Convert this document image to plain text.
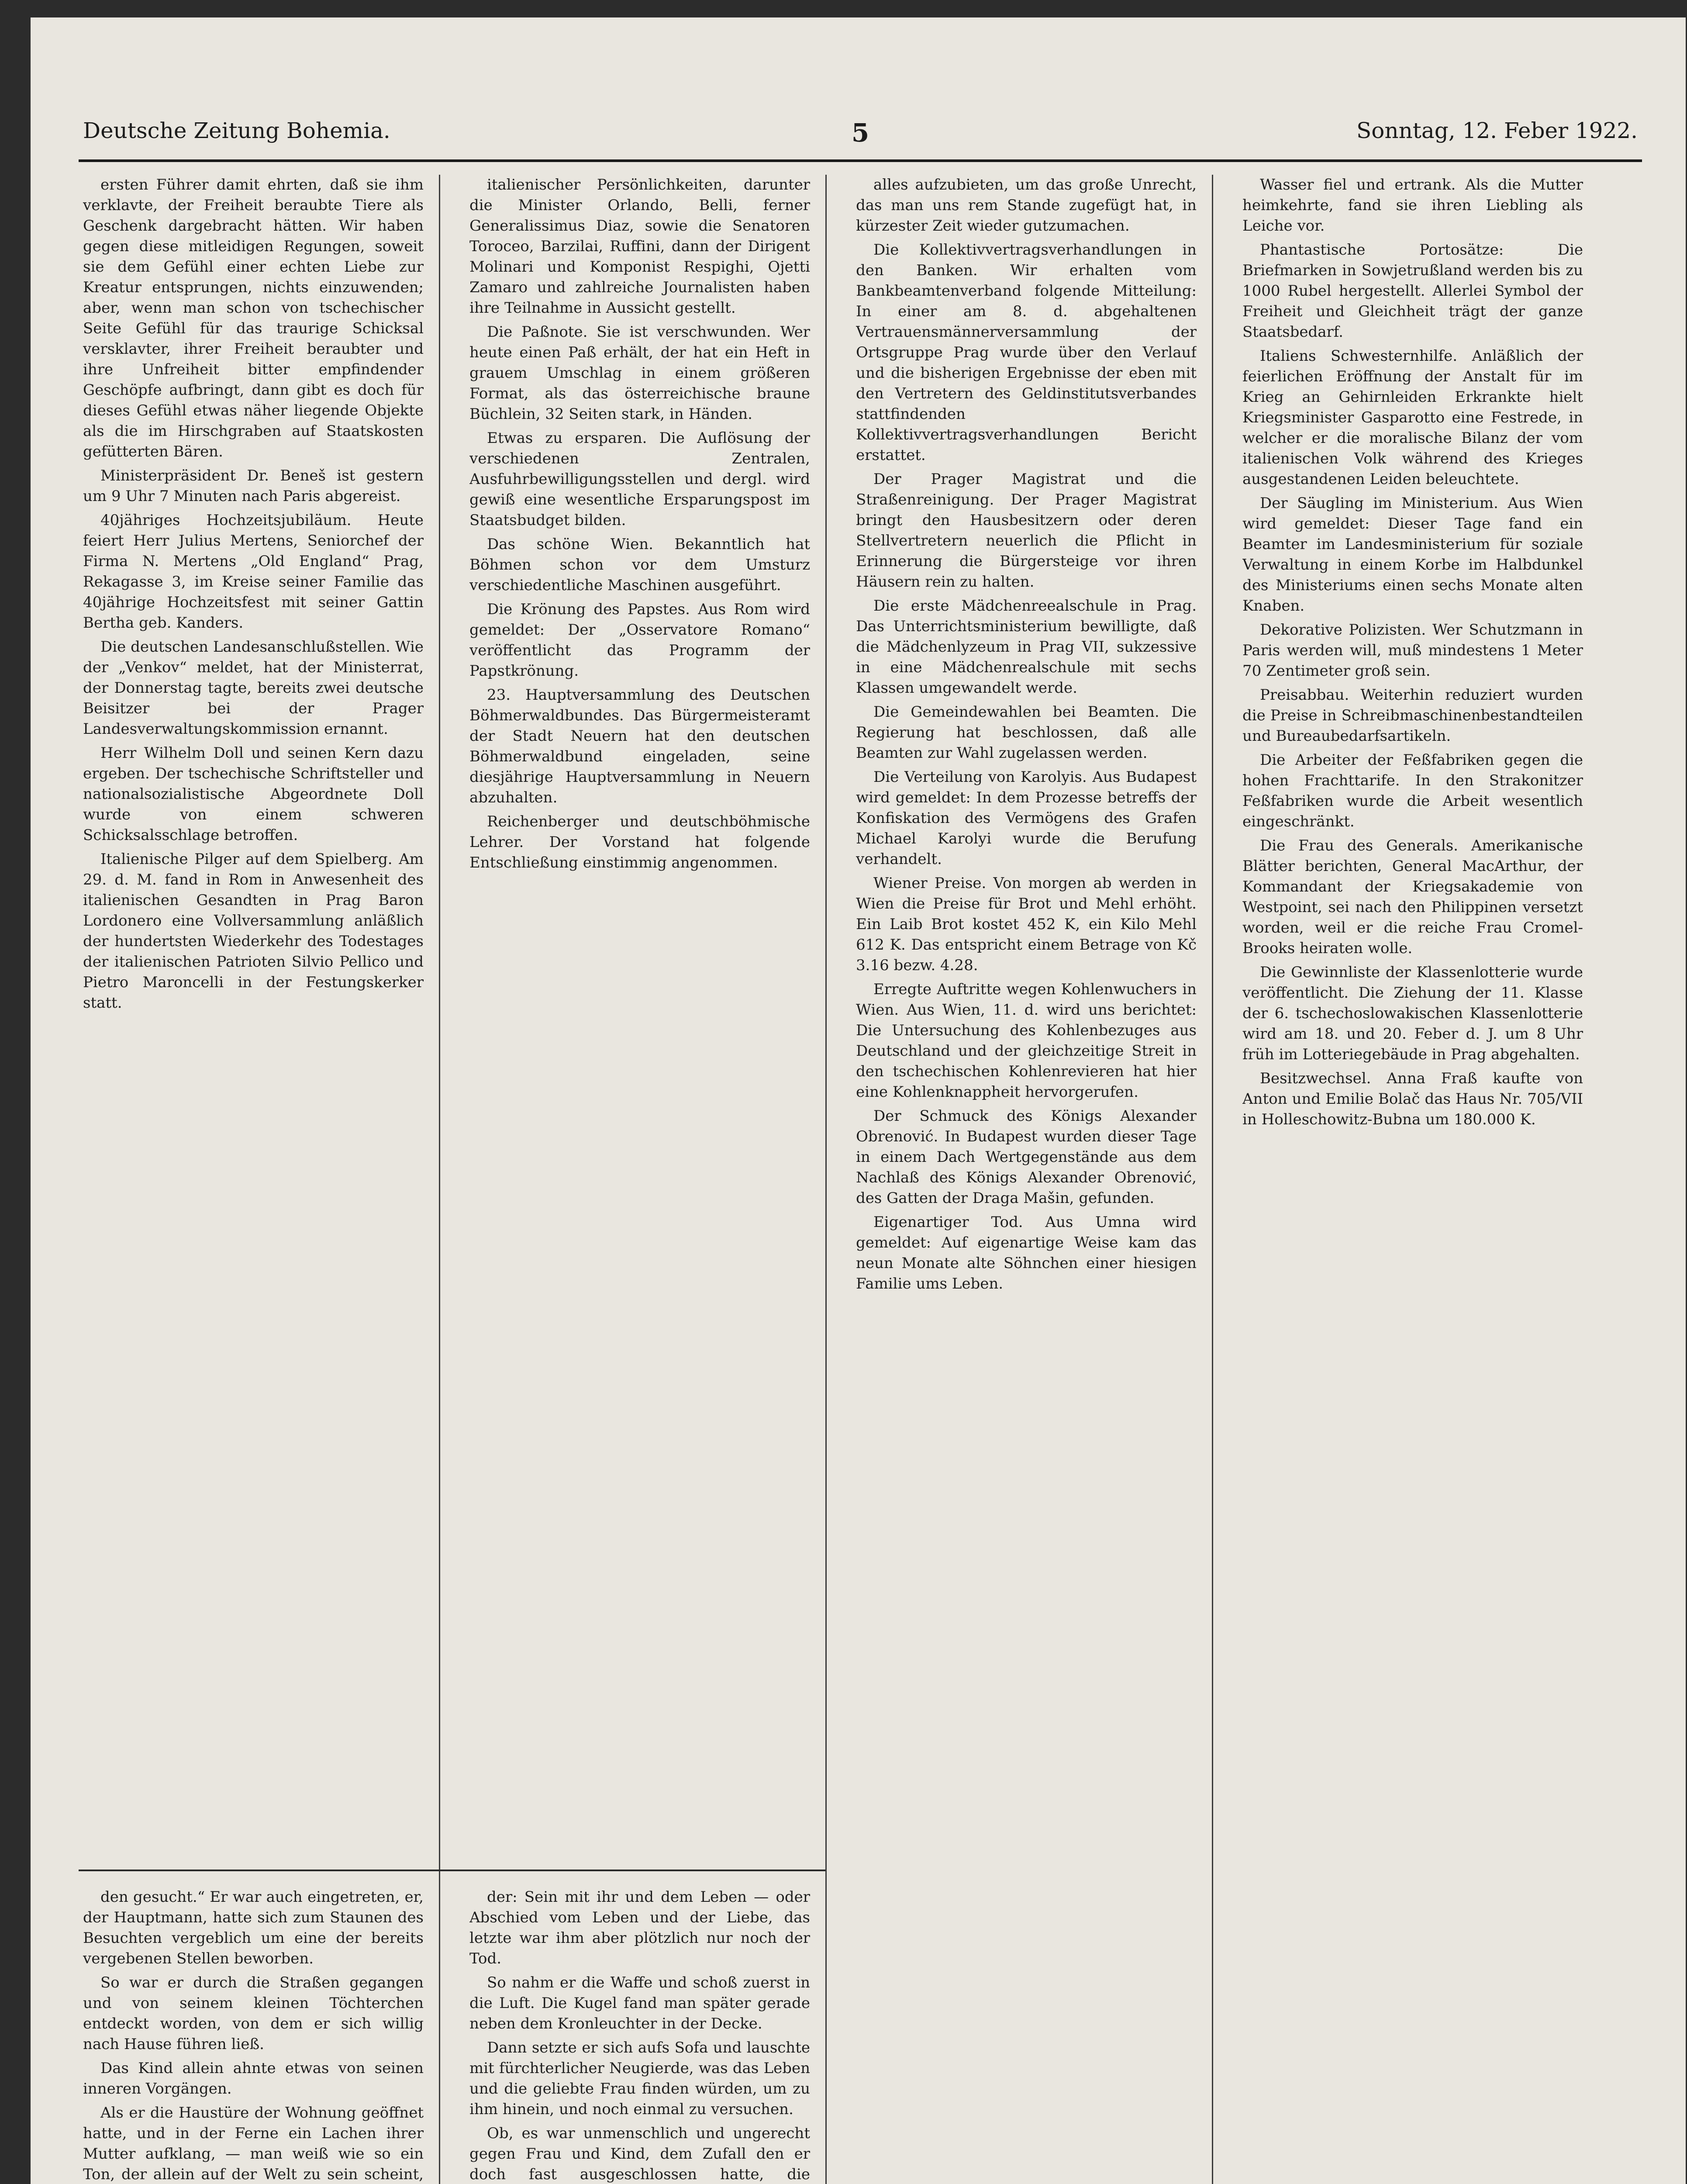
Deutsche Zeitung Bohemia.	5	Sonntag, 12. Feber 1922.

ersten Führer damit ehrten, daß sie ihm verklavte, der Freiheit beraubte Tiere als Geschenk dargebracht hätten. Wir haben gegen diese mitleidigen Regungen, soweit sie dem Gefühl einer echten Liebe zur Kreatur entsprungen, nichts einzuwenden; aber, wenn man schon von tschechischer Seite Gefühl für das traurige Schicksal versklavter, ihrer Freiheit beraubter und ihre Unfreiheit bitter empfindender Geschöpfe aufbringt, dann gibt es doch für dieses Gefühl etwas näher liegende Objekte als die im Hirschgraben auf Staatskosten gefütterten Bären.

Ministerpräsident Dr. Beneš ist gestern um 9 Uhr 7 Minuten nach Paris abgereist.

40jähriges Hochzeitsjubiläum. Heute feiert Herr Julius Mertens, Seniorchef der Firma N. Mertens „Old England“ Prag, Rekagasse 3, im Kreise seiner Familie das 40jährige Hochzeitsfest mit seiner Gattin Bertha geb. Kanders.

Die deutschen Landesanschlußstellen. Wie der „Venkov“ meldet, hat der Ministerrat, der Donnerstag tagte, bereits zwei deutsche Beisitzer bei der Prager Landesverwaltungskommission ernannt.

Herr Wilhelm Doll und seinen Kern dazu ergeben. Der tschechische Schriftsteller und nationalsozialistische Abgeordnete Doll wurde von einem schweren Schicksalsschlage betroffen.

Italienische Pilger auf dem Spielberg. Am 29. d. M. fand in Rom in Anwesenheit des italienischen Gesandten in Prag Baron Lordonero eine Vollversammlung anläßlich der hundertsten Wiederkehr des Todestages der italienischen Patrioten Silvio Pellico und Pietro Maroncelli in der Festungskerker statt.

italienischer Persönlichkeiten, darunter die Minister Orlando, Belli, ferner Generalissimus Diaz, sowie die Senatoren Toroceo, Barzilai, Ruffini, dann der Dirigent Molinari und Komponist Respighi, Ojetti Zamaro und zahlreiche Journalisten haben ihre Teilnahme in Aussicht gestellt.

Die Paßnote. Sie ist verschwunden. Wer heute einen Paß erhält, der hat ein Heft in grauem Umschlag in einem größeren Format, als das österreichische braune Büchlein, 32 Seiten stark, in Händen.

Etwas zu ersparen. Die Auflösung der verschiedenen Zentralen, Ausfuhrbewilligungsstellen und dergl. wird gewiß eine wesentliche Ersparungspost im Staatsbudget bilden.

Das schöne Wien. Bekanntlich hat Böhmen schon vor dem Umsturz verschiedentliche Maschinen ausgeführt.

Die Krönung des Papstes. Aus Rom wird gemeldet: Der „Osservatore Romano“ veröffentlicht das Programm der Papstkrönung.

23. Hauptversammlung des Deutschen Böhmerwaldbundes. Das Bürgermeisteramt der Stadt Neuern hat den deutschen Böhmerwaldbund eingeladen, seine diesjährige Hauptversammlung in Neuern abzuhalten.

Reichenberger und deutschböhmische Lehrer. Der Vorstand hat folgende Entschließung einstimmig angenommen.

alles aufzubieten, um das große Unrecht, das man uns rem Stande zugefügt hat, in kürzester Zeit wieder gutzumachen.

Die Kollektivvertragsverhandlungen in den Banken. Wir erhalten vom Bankbeamtenverband folgende Mitteilung: In einer am 8. d. abgehaltenen Vertrauensmännerversammlung der Ortsgruppe Prag wurde über den Verlauf und die bisherigen Ergebnisse der eben mit den Vertretern des Geldinstitutsverbandes stattfindenden Kollektivvertragsverhandlungen Bericht erstattet.

Der Prager Magistrat und die Straßenreinigung. Der Prager Magistrat bringt den Hausbesitzern oder deren Stellvertretern neuerlich die Pflicht in Erinnerung die Bürgersteige vor ihren Häusern rein zu halten.

Die erste Mädchenreealschule in Prag. Das Unterrichtsministerium bewilligte, daß die Mädchenlyzeum in Prag VII, sukzessive in eine Mädchenrealschule mit sechs Klassen umgewandelt werde.

Die Gemeindewahlen bei Beamten. Die Regierung hat beschlossen, daß alle Beamten zur Wahl zugelassen werden.

Die Verteilung von Karolyis. Aus Budapest wird gemeldet: In dem Prozesse betreffs der Konfiskation des Vermögens des Grafen Michael Karolyi wurde die Berufung verhandelt.

Wiener Preise. Von morgen ab werden in Wien die Preise für Brot und Mehl erhöht. Ein Laib Brot kostet 452 K, ein Kilo Mehl 612 K. Das entspricht einem Betrage von Kč 3.16 bezw. 4.28.

Erregte Auftritte wegen Kohlenwuchers in Wien. Aus Wien, 11. d. wird uns berichtet: Die Untersuchung des Kohlenbezuges aus Deutschland und der gleichzeitige Streit in den tschechischen Kohlenrevieren hat hier eine Kohlenknappheit hervorgerufen.

Der Schmuck des Königs Alexander Obrenović. In Budapest wurden dieser Tage in einem Dach Wertgegenstände aus dem Nachlaß des Königs Alexander Obrenović, des Gatten der Draga Mašin, gefunden.

Eigenartiger Tod. Aus Umna wird gemeldet: Auf eigenartige Weise kam das neun Monate alte Söhnchen einer hiesigen Familie ums Leben.

Wasser fiel und ertrank. Als die Mutter heimkehrte, fand sie ihren Liebling als Leiche vor.

Phantastische Portosätze: Die Briefmarken in Sowjetrußland werden bis zu 1000 Rubel hergestellt. Allerlei Symbol der Freiheit und Gleichheit trägt der ganze Staatsbedarf.

Italiens Schwesternhilfe. Anläßlich der feierlichen Eröffnung der Anstalt für im Krieg an Gehirnleiden Erkrankte hielt Kriegsminister Gasparotto eine Festrede, in welcher er die moralische Bilanz der vom italienischen Volk während des Krieges ausgestandenen Leiden beleuchtete.

Der Säugling im Ministerium. Aus Wien wird gemeldet: Dieser Tage fand ein Beamter im Landesministerium für soziale Verwaltung in einem Korbe im Halbdunkel des Ministeriums einen sechs Monate alten Knaben.

Dekorative Polizisten. Wer Schutzmann in Paris werden will, muß mindestens 1 Meter 70 Zentimeter groß sein.

Preisabbau. Weiterhin reduziert wurden die Preise in Schreibmaschinenbestandteilen und Bureaubedarfsartikeln.

Die Arbeiter der Feßfabriken gegen die hohen Frachttarife. In den Strakonitzer Feßfabriken wurde die Arbeit wesentlich eingeschränkt.

Die Frau des Generals. Amerikanische Blätter berichten, General MacArthur, der Kommandant der Kriegsakademie von Westpoint, sei nach den Philippinen versetzt worden, weil er die reiche Frau Cromel-Brooks heiraten wolle.

Die Gewinnliste der Klassenlotterie wurde veröffentlicht. Die Ziehung der 11. Klasse der 6. tschechoslowakischen Klassenlotterie wird am 18. und 20. Feber d. J. um 8 Uhr früh im Lotteriegebäude in Prag abgehalten.

Besitzwechsel. Anna Fraß kaufte von Anton und Emilie Bolač das Haus Nr. 705/VII in Holleschowitz-Bubna um 180.000 K.

den gesucht.“ Er war auch eingetreten, er, der Hauptmann, hatte sich zum Staunen des Besuchten vergeblich um eine der bereits vergebenen Stellen beworben.

So war er durch die Straßen gegangen und von seinem kleinen Töchterchen entdeckt worden, von dem er sich willig nach Hause führen ließ.

Das Kind allein ahnte etwas von seinen inneren Vorgängen.

Als er die Haustüre der Wohnung geöffnet hatte, und in der Ferne ein Lachen ihrer Mutter aufklang, — man weiß wie so ein Ton, der allein auf der Welt zu sein scheint,

der: Sein mit ihr und dem Leben — oder Abschied vom Leben und der Liebe, das letzte war ihm aber plötzlich nur noch der Tod.

So nahm er die Waffe und schoß zuerst in die Luft. Die Kugel fand man später gerade neben dem Kronleuchter in der Decke.

Dann setzte er sich aufs Sofa und lauschte mit fürchterlicher Neugierde, was das Leben und die geliebte Frau finden würden, um zu ihm hinein, und noch einmal zu versuchen.

Ob, es war unmenschlich und ungerecht gegen Frau und Kind, dem Zufall den er doch fast ausgeschlossen hatte, die
